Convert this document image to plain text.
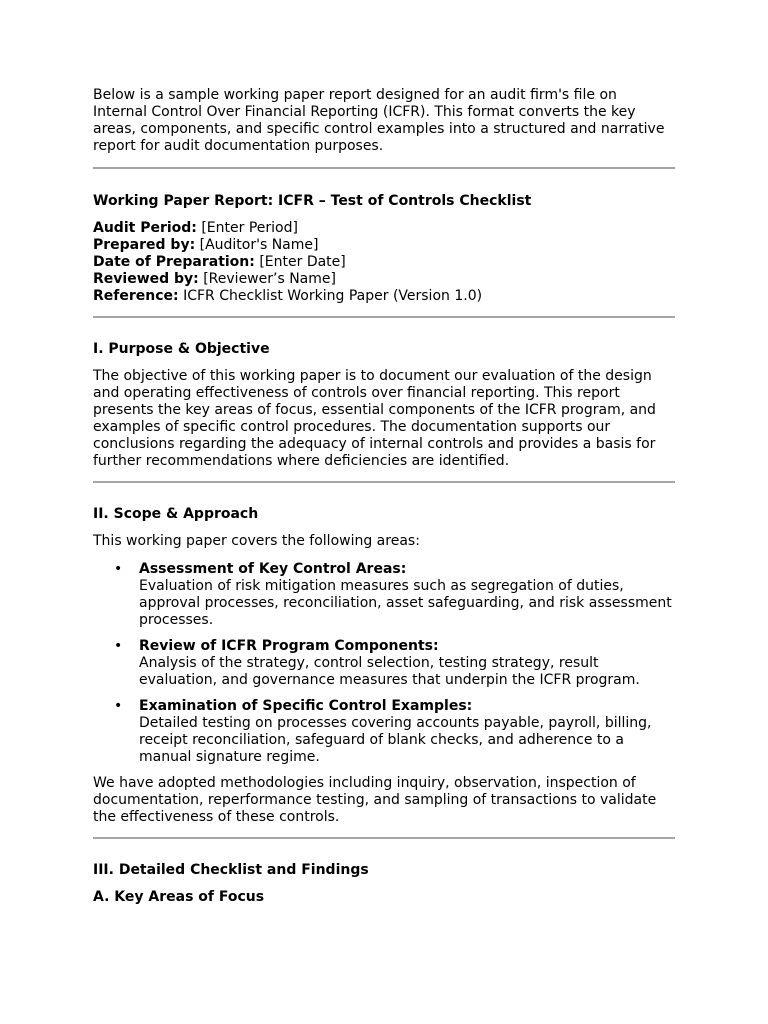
Below is a sample working paper report designed for an audit firm's file on Internal Control Over Financial Reporting (ICFR). This format converts the key areas, components, and specific control examples into a structured and narrative report for audit documentation purposes.

Working Paper Report: ICFR – Test of Controls Checklist

Audit Period: [Enter Period]
Prepared by: [Auditor's Name]
Date of Preparation: [Enter Date]
Reviewed by: [Reviewer’s Name]
Reference: ICFR Checklist Working Paper (Version 1.0)

I. Purpose & Objective

The objective of this working paper is to document our evaluation of the design and operating effectiveness of controls over financial reporting. This report presents the key areas of focus, essential components of the ICFR program, and examples of specific control procedures. The documentation supports our conclusions regarding the adequacy of internal controls and provides a basis for further recommendations where deficiencies are identified.

II. Scope & Approach

This working paper covers the following areas:

• Assessment of Key Control Areas:
Evaluation of risk mitigation measures such as segregation of duties, approval processes, reconciliation, asset safeguarding, and risk assessment processes.
• Review of ICFR Program Components:
Analysis of the strategy, control selection, testing strategy, result evaluation, and governance measures that underpin the ICFR program.
• Examination of Specific Control Examples:
Detailed testing on processes covering accounts payable, payroll, billing, receipt reconciliation, safeguard of blank checks, and adherence to a manual signature regime.

We have adopted methodologies including inquiry, observation, inspection of documentation, reperformance testing, and sampling of transactions to validate the effectiveness of these controls.

III. Detailed Checklist and Findings

A. Key Areas of Focus
